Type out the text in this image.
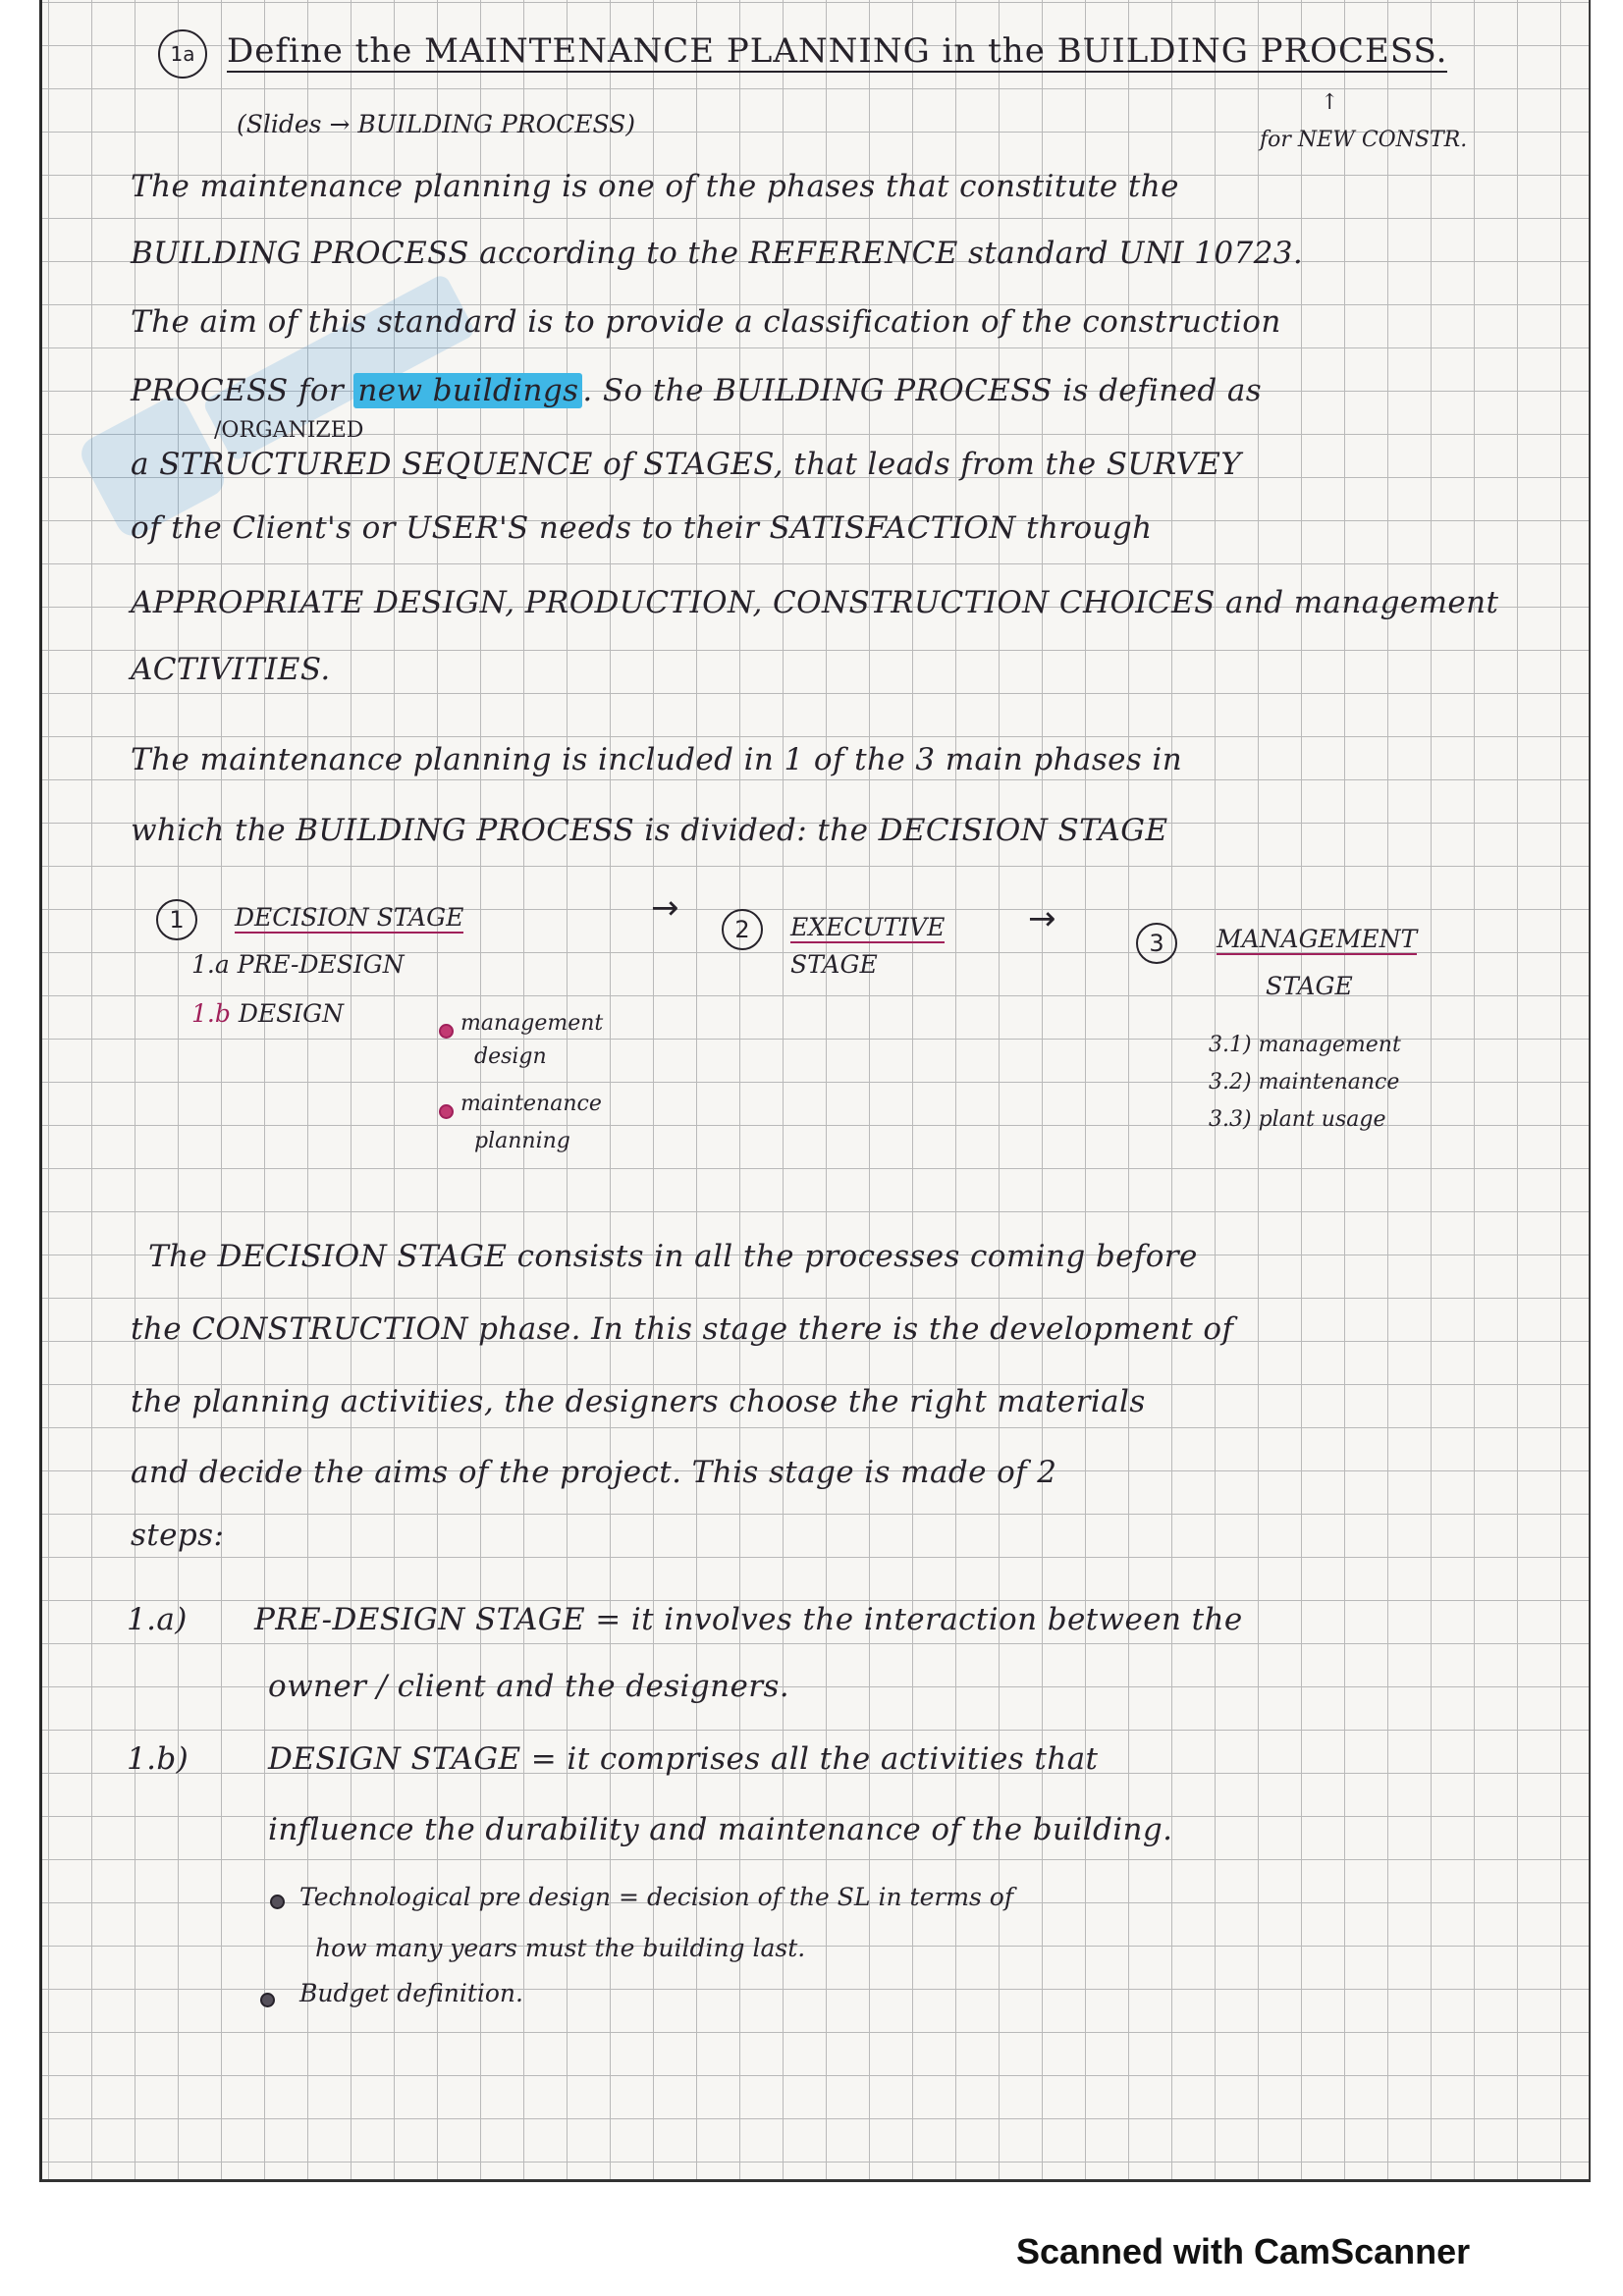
1a Define the MAINTENANCE PLANNING in the BUILDING PROCESS.
(Slides → BUILDING PROCESS)
for NEW CONSTR.
↑
The maintenance planning is one of the phases that constitute the
BUILDING PROCESS according to the REFERENCE standard UNI 10723.
The aim of this standard is to provide a classification of the construction
PROCESS for new buildings . So the BUILDING PROCESS is defined as
/ORGANIZED
a STRUCTURED SEQUENCE of STAGES, that leads from the SURVEY
of the Client's or USER'S needs to their SATISFACTION through
APPROPRIATE DESIGN, PRODUCTION, CONSTRUCTION CHOICES and management
ACTIVITIES.
The maintenance planning is included in 1 of the 3 main phases in
which the BUILDING PROCESS is divided: the DECISION STAGE
1	DECISION STAGE	→
2	EXECUTIVE
STAGE
→
3	MANAGEMENT
STAGE
1.a PRE-DESIGN
1.b DESIGN	management
design
maintenance
planning
3.1) management
3.2) maintenance
3.3) plant usage
The DECISION STAGE consists in all the processes coming before
the CONSTRUCTION phase. In this stage there is the development of
the planning activities, the designers choose the right materials
and decide the aims of the project. This stage is made of 2
steps:
1.a) PRE-DESIGN STAGE = it involves the interaction between the
owner / client and the designers.
1.b)	DESIGN STAGE = it comprises all the activities that
influence the durability and maintenance of the building.
Technological pre design = decision of the SL in terms of
how many years must the building last.
Budget definition.
Scanned with CamScanner
